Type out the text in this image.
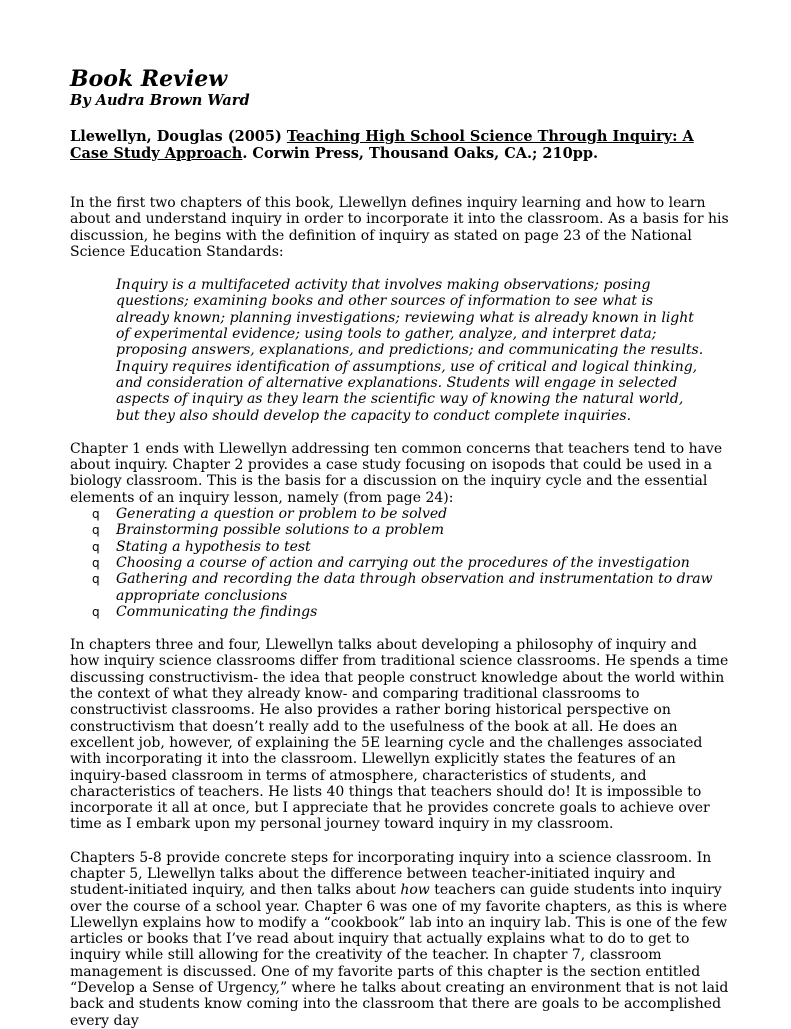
Book Review
By Audra Brown Ward
Llewellyn, Douglas (2005) Teaching High School Science Through Inquiry: A Case Study Approach. Corwin Press, Thousand Oaks, CA.; 210pp.

In the first two chapters of this book, Llewellyn defines inquiry learning and how to learn about and understand inquiry in order to incorporate it into the classroom. As a basis for his discussion, he begins with the definition of inquiry as stated on page 23 of the National Science Education Standards:

Inquiry is a multifaceted activity that involves making observations; posing questions; examining books and other sources of information to see what is already known; planning investigations; reviewing what is already known in light of experimental evidence; using tools to gather, analyze, and interpret data; proposing answers, explanations, and predictions; and communicating the results. Inquiry requires identification of assumptions, use of critical and logical thinking, and consideration of alternative explanations. Students will engage in selected aspects of inquiry as they learn the scientific way of knowing the natural world, but they also should develop the capacity to conduct complete inquiries.

Chapter 1 ends with Llewellyn addressing ten common concerns that teachers tend to have about inquiry. Chapter 2 provides a case study focusing on isopods that could be used in a biology classroom. This is the basis for a discussion on the inquiry cycle and the essential elements of an inquiry lesson, namely (from page 24):

q Generating a question or problem to be solved
q Brainstorming possible solutions to a problem
q Stating a hypothesis to test
q Choosing a course of action and carrying out the procedures of the investigation
q Gathering and recording the data through observation and instrumentation to draw appropriate conclusions
q Communicating the findings

In chapters three and four, Llewellyn talks about developing a philosophy of inquiry and how inquiry science classrooms differ from traditional science classrooms. He spends a time discussing constructivism- the idea that people construct knowledge about the world within the context of what they already know- and comparing traditional classrooms to constructivist classrooms. He also provides a rather boring historical perspective on constructivism that doesn’t really add to the usefulness of the book at all. He does an excellent job, however, of explaining the 5E learning cycle and the challenges associated with incorporating it into the classroom. Llewellyn explicitly states the features of an inquiry-based classroom in terms of atmosphere, characteristics of students, and characteristics of teachers. He lists 40 things that teachers should do! It is impossible to incorporate it all at once, but I appreciate that he provides concrete goals to achieve over time as I embark upon my personal journey toward inquiry in my classroom.

Chapters 5-8 provide concrete steps for incorporating inquiry into a science classroom. In chapter 5, Llewellyn talks about the difference between teacher-initiated inquiry and student-initiated inquiry, and then talks about how teachers can guide students into inquiry over the course of a school year. Chapter 6 was one of my favorite chapters, as this is where Llewellyn explains how to modify a “cookbook” lab into an inquiry lab. This is one of the few articles or books that I’ve read about inquiry that actually explains what to do to get to inquiry while still allowing for the creativity of the teacher. In chapter 7, classroom management is discussed. One of my favorite parts of this chapter is the section entitled “Develop a Sense of Urgency,” where he talks about creating an environment that is not laid back and students know coming into the classroom that there are goals to be accomplished every day
